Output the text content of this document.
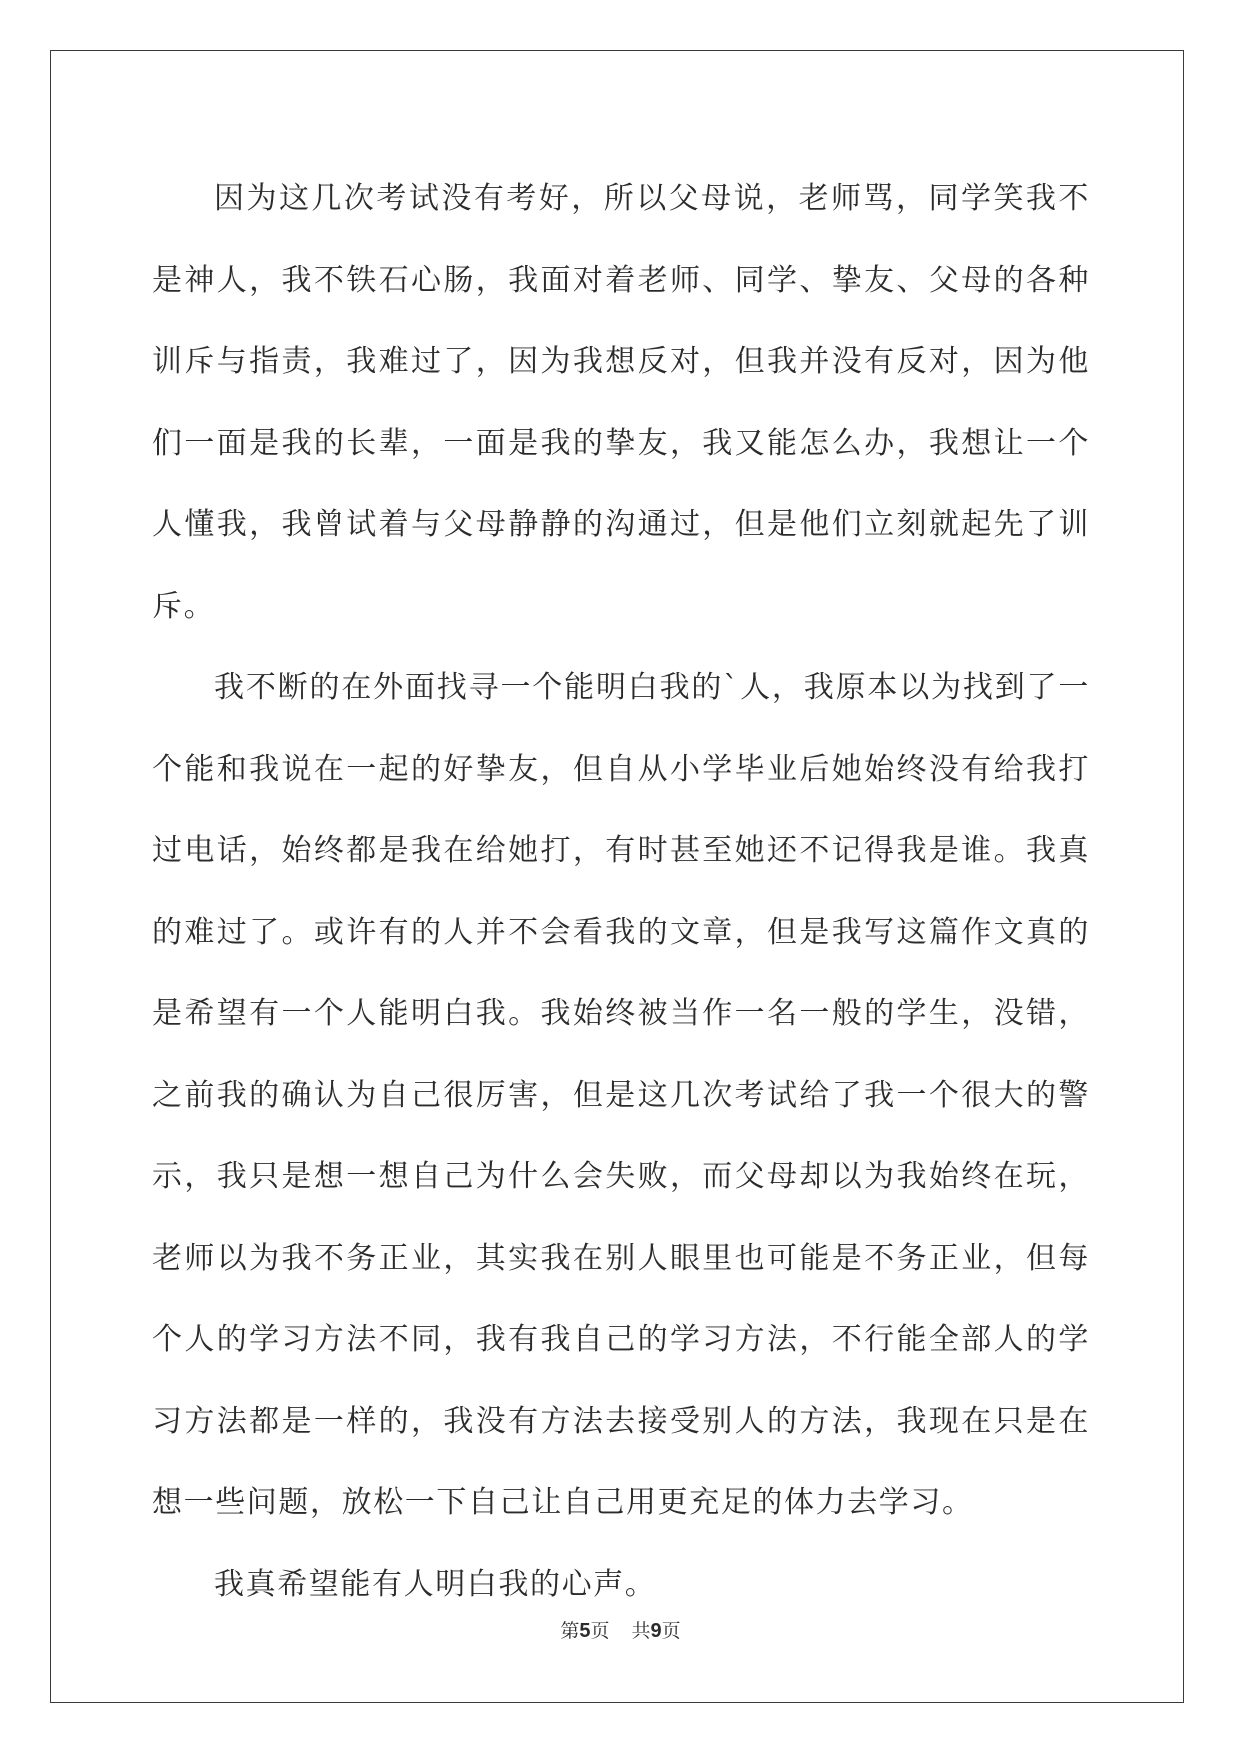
因为这几次考试没有考好，所以父母说，老师骂，同学笑我不是神人，我不铁石心肠，我面对着老师、同学、挚友、父母的各种训斥与指责，我难过了，因为我想反对，但我并没有反对，因为他们一面是我的长辈，一面是我的挚友，我又能怎么办，我想让一个人懂我，我曾试着与父母静静的沟通过，但是他们立刻就起先了训斥。

我不断的在外面找寻一个能明白我的`人，我原本以为找到了一个能和我说在一起的好挚友，但自从小学毕业后她始终没有给我打过电话，始终都是我在给她打，有时甚至她还不记得我是谁。我真的难过了。或许有的人并不会看我的文章，但是我写这篇作文真的是希望有一个人能明白我。我始终被当作一名一般的学生，没错，之前我的确认为自己很厉害，但是这几次考试给了我一个很大的警示，我只是想一想自己为什么会失败，而父母却以为我始终在玩，老师以为我不务正业，其实我在别人眼里也可能是不务正业，但每个人的学习方法不同，我有我自己的学习方法，不行能全部人的学习方法都是一样的，我没有方法去接受别人的方法，我现在只是在想一些问题，放松一下自己让自己用更充足的体力去学习。

我真希望能有人明白我的心声。

第5页 共9页
